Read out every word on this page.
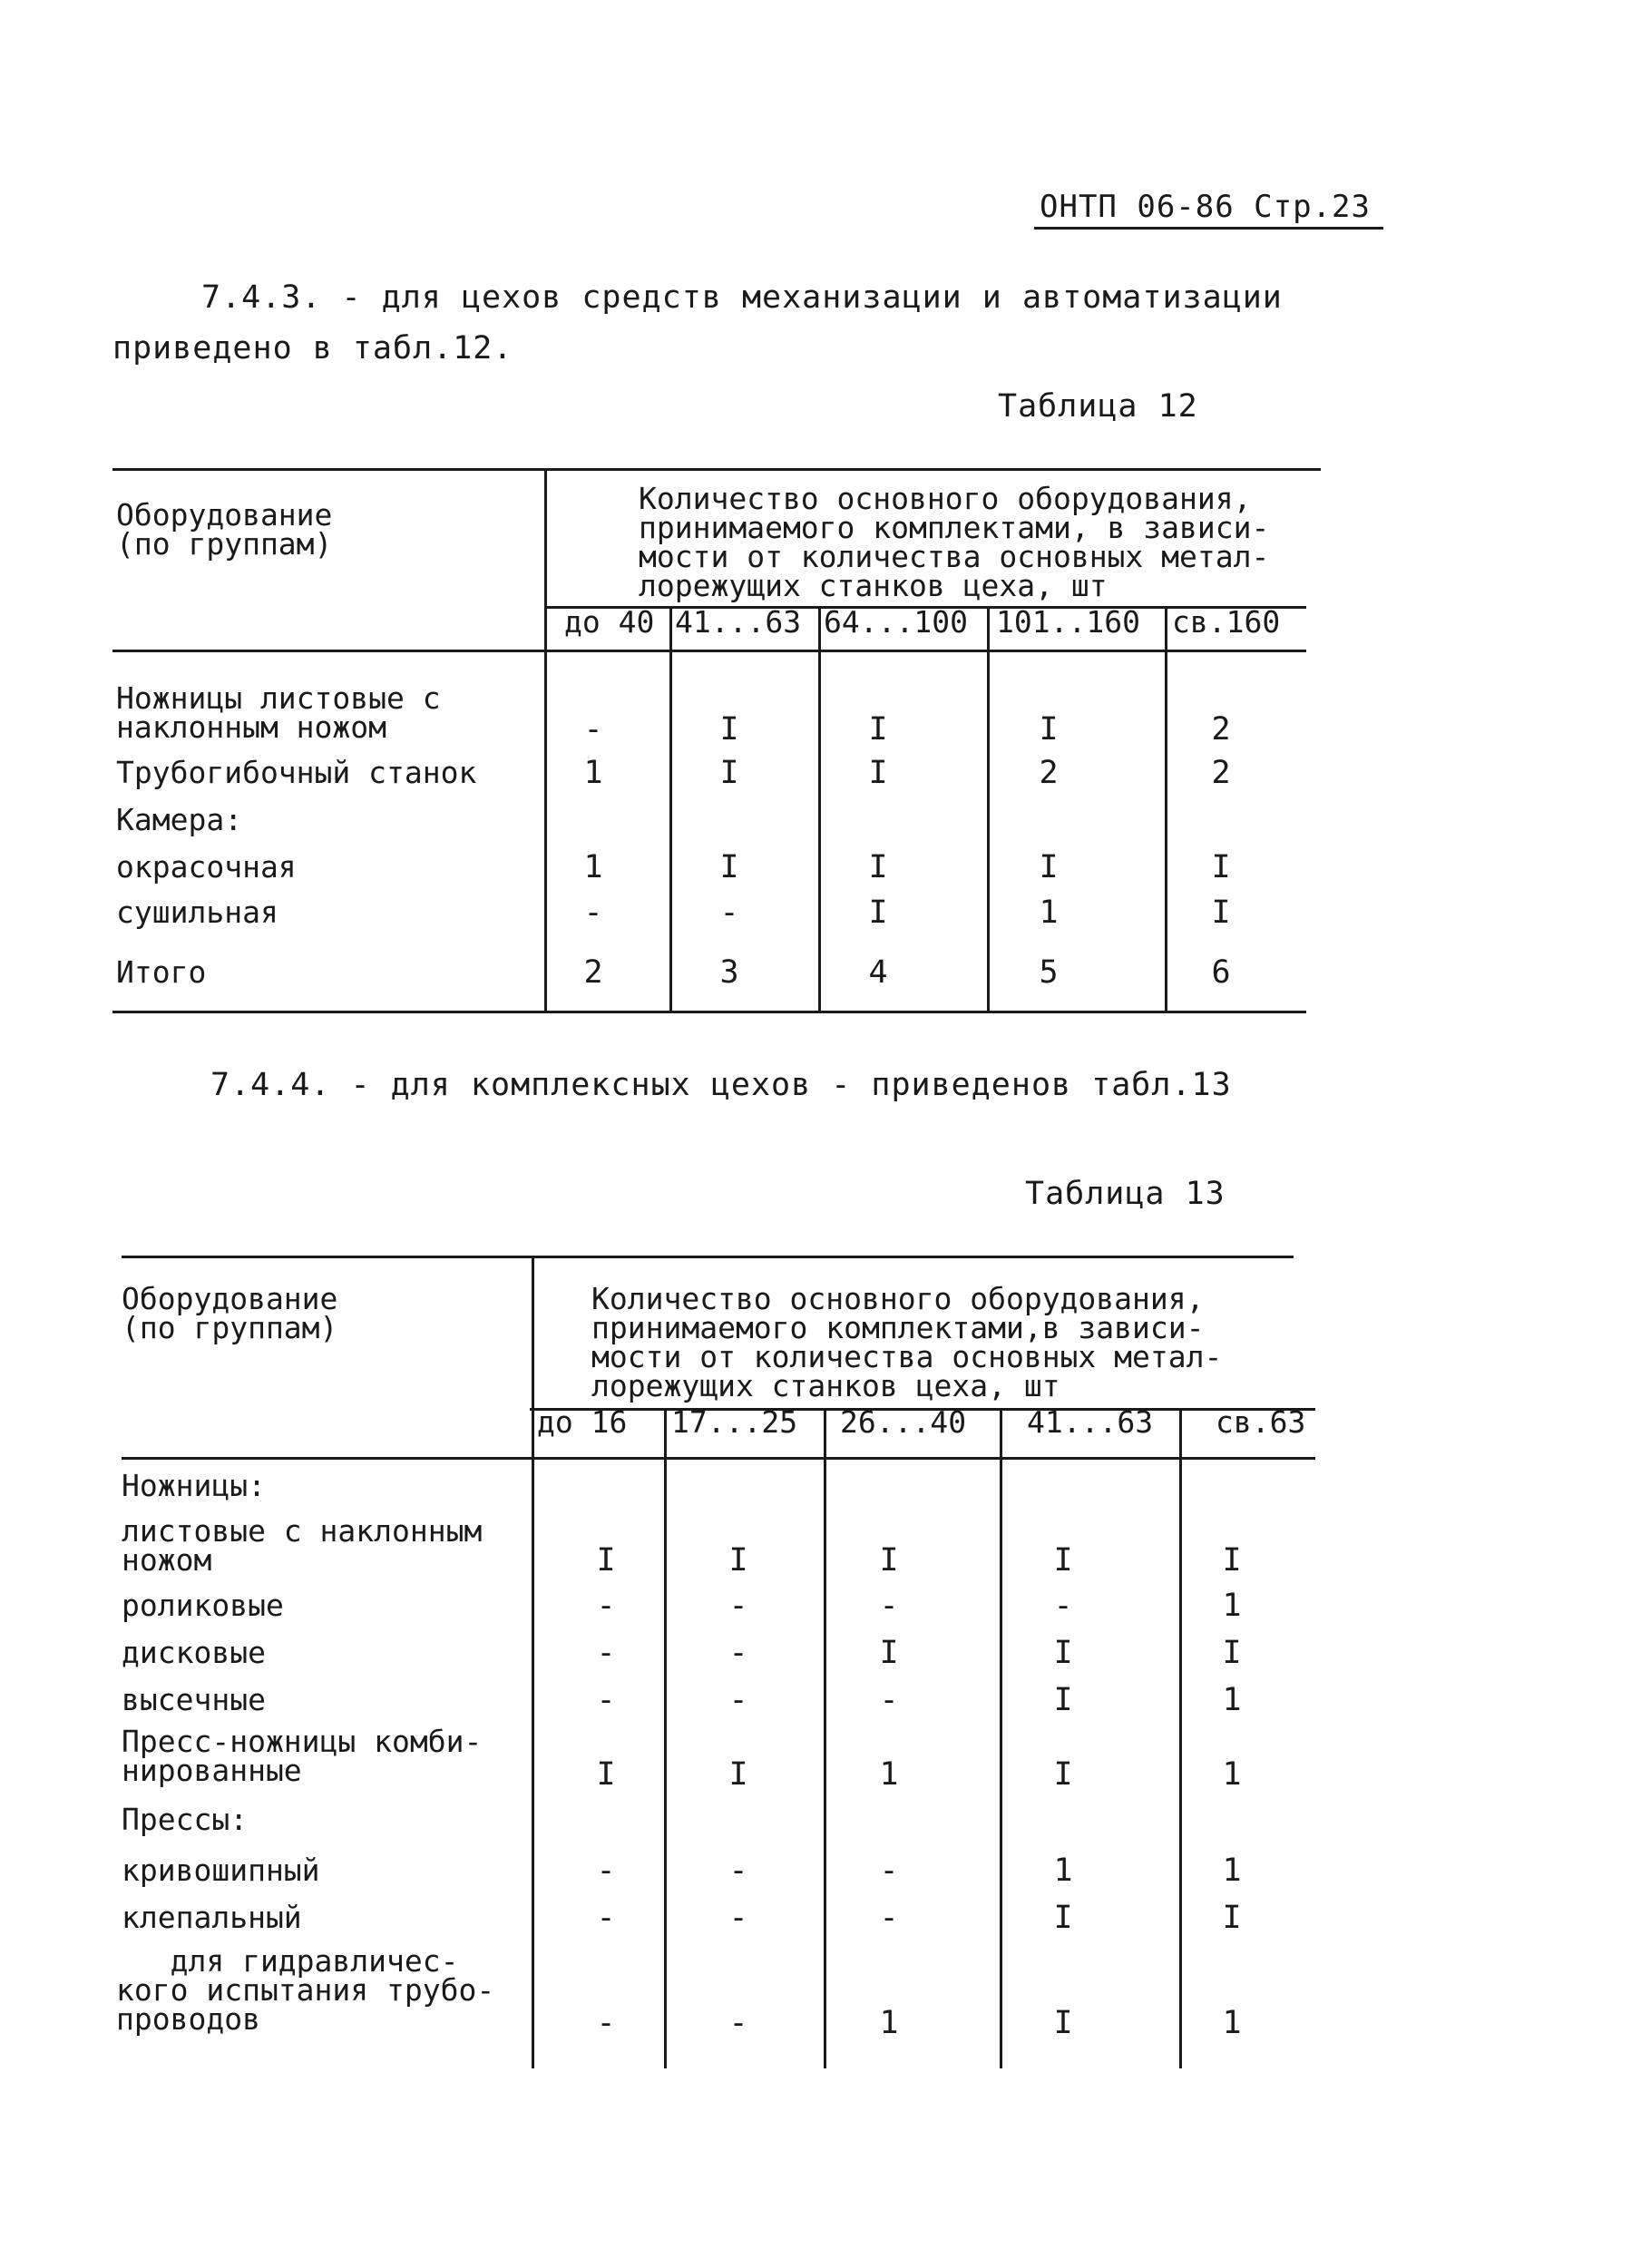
ОНТП 06-86 Стр.23
7.4.3. - для цехов средств механизации и автоматизации
приведено в табл.12.
Таблица 12
Оборудование
(по группам)
Количество основного оборудования,
принимаемого комплектами, в зависи-
мости от количества основных метал-
лорежущих станков цеха, шт
до 40 41...63 64...100 101..160 св.160
Ножницы листовые с
наклонным ножом	-	I	I	I	2
Трубогибочный станок	1	I	I	2	2
Камера:
окрасочная	1	I	I	I	I
сушильная	-	-	I	1	I
Итого	2	3	4	5	6
7.4.4. - для комплексных цехов - приведенов табл.13
Таблица 13
Оборудование
(по группам)
Количество основного оборудования,
принимаемого комплектами,в зависи-
мости от количества основных метал-
лорежущих станков цеха, шт
до 16 17...25 26...40 41...63 св.63
Ножницы:
листовые с наклонным
ножом	I	I	I	I	I
роликовые	-	-	-	-	1
дисковые	-	-	I	I	I
высечные	-	-	-	I	1
Пресс-ножницы комби-
нированные	I	I	1	I	1
Прессы:
кривошипный	-	-	-	1	1
клепальный	-	-	-	I	I
для гидравличес-
кого испытания трубо-
проводов	-	-	1	I	1
